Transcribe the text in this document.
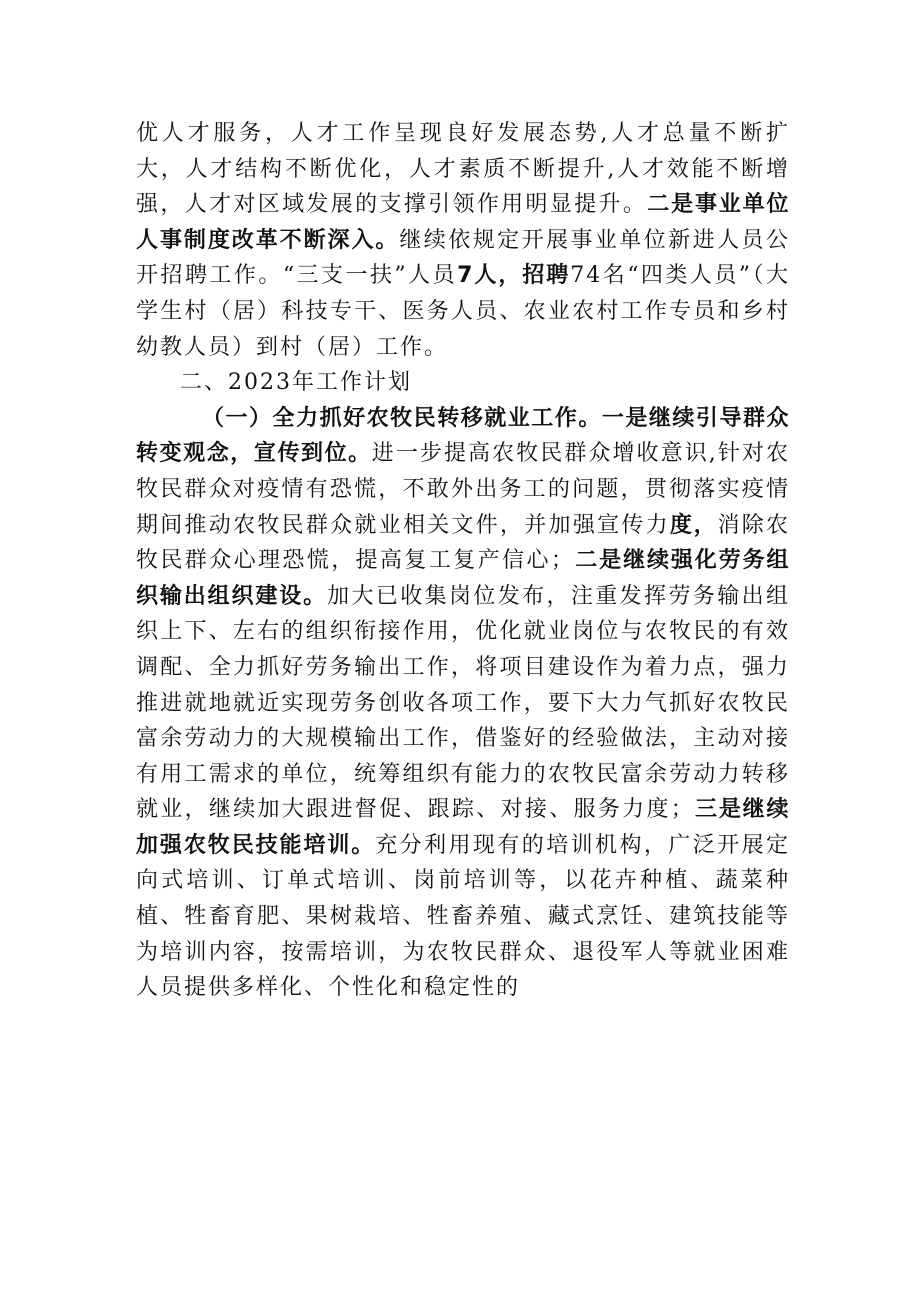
优人才服务，人才工作呈现良好发展态势,人才总量不断扩大，人才结构不断优化，人才素质不断提升,人才效能不断增强，人才对区域发展的支撑引领作用明显提升。二是事业单位人事制度改革不断深入。继续依规定开展事业单位新进人员公开招聘工作。“三支一扶”人员7人，招聘74名“四类人员”（大学生村（居）科技专干、医务人员、农业农村工作专员和乡村幼教人员）到村（居）工作。

二、2023年工作计划

（一）全力抓好农牧民转移就业工作。一是继续引导群众转变观念，宣传到位。进一步提高农牧民群众增收意识,针对农牧民群众对疫情有恐慌，不敢外出务工的问题，贯彻落实疫情期间推动农牧民群众就业相关文件，并加强宣传力度，消除农牧民群众心理恐慌，提高复工复产信心；二是继续强化劳务组织输出组织建设。加大已收集岗位发布，注重发挥劳务输出组织上下、左右的组织衔接作用，优化就业岗位与农牧民的有效调配、全力抓好劳务输出工作，将项目建设作为着力点，强力推进就地就近实现劳务创收各项工作，要下大力气抓好农牧民富余劳动力的大规模输出工作，借鉴好的经验做法，主动对接有用工需求的单位，统筹组织有能力的农牧民富余劳动力转移就业，继续加大跟进督促、跟踪、对接、服务力度；三是继续加强农牧民技能培训。充分利用现有的培训机构，广泛开展定向式培训、订单式培训、岗前培训等，以花卉种植、蔬菜种植、牲畜育肥、果树栽培、牲畜养殖、藏式烹饪、建筑技能等为培训内容，按需培训，为农牧民群众、退役军人等就业困难人员提供多样化、个性化和稳定性的
